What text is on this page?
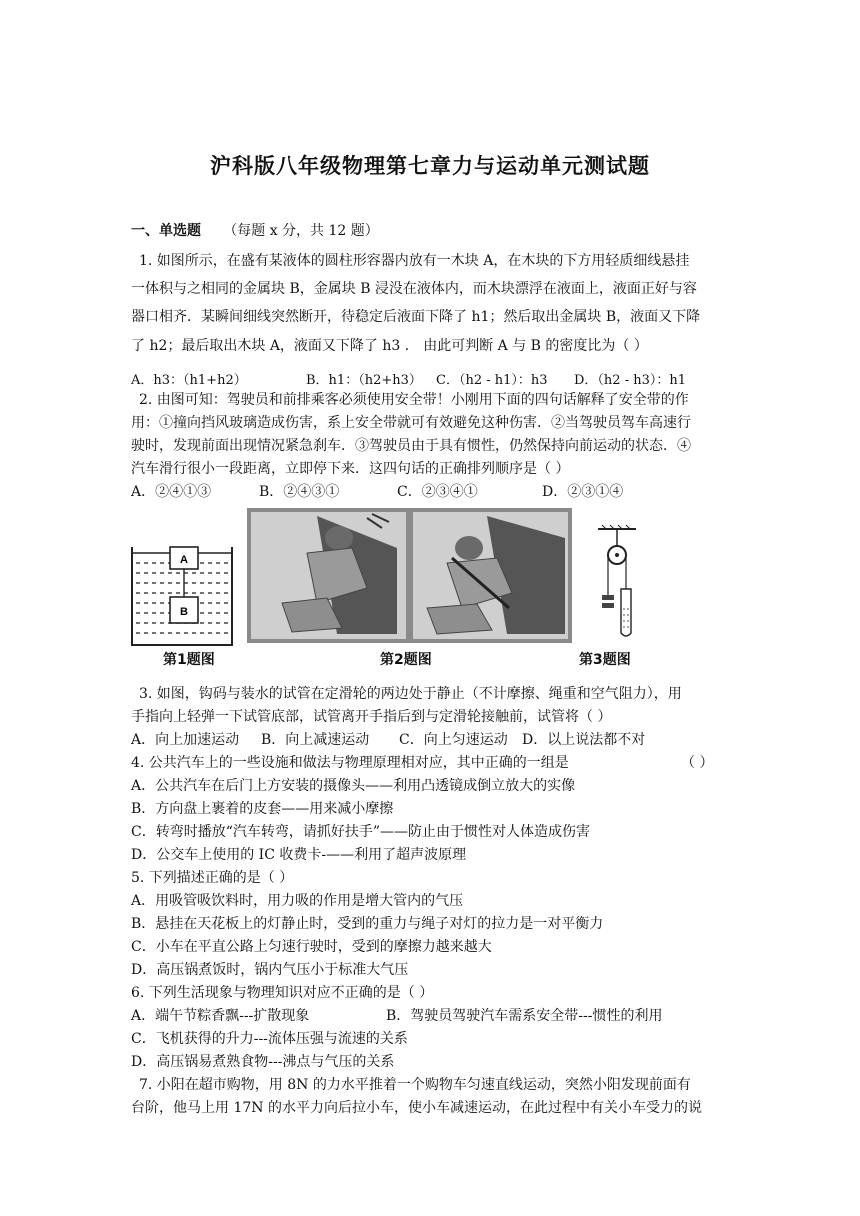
沪科版八年级物理第七章力与运动单元测试题
一、单选题 （每题 x 分，共 12 题）
1. 如图所示，在盛有某液体的圆柱形容器内放有一木块 A，在木块的下方用轻质细线悬挂
一体积与之相同的金属块 B，金属块 B 浸没在液体内，而木块漂浮在液面上，液面正好与容
器口相齐．某瞬间细线突然断开，待稳定后液面下降了 h1；然后取出金属块 B，液面又下降
了 h2；最后取出木块 A，液面又下降了 h3 ． 由此可判断 A 与 B 的密度比为（ ）
A．h3：（h1+h2）	B．h1：（h2+h3）	C．（h2 - h1）：h3	D．（h2 - h3）：h1
2. 由图可知：驾驶员和前排乘客必须使用安全带！小刚用下面的四句话解释了安全带的作
用：①撞向挡风玻璃造成伤害，系上安全带就可有效避免这种伤害．②当驾驶员驾车高速行
驶时，发现前面出现情况紧急刹车．③驾驶员由于具有惯性，仍然保持向前运动的状态．④
汽车滑行很小一段距离，立即停下来．这四句话的正确排列顺序是（ ）
A．②④①③	B．②④③①	C．②③④①	D．②③①④
A
B
第1题图	第2题图	第3题图
3. 如图，钩码与装水的试管在定滑轮的两边处于静止（不计摩擦、绳重和空气阻力），用
手指向上轻弹一下试管底部，试管离开手指后到与定滑轮接触前，试管将（ ）
A．向上加速运动	B．向上减速运动	C．向上匀速运动	D．以上说法都不对
4. 公共汽车上的一些设施和做法与物理原理相对应，其中正确的一组是	（ ）
A．公共汽车在后门上方安装的摄像头——利用凸透镜成倒立放大的实像
B．方向盘上裹着的皮套——用来减小摩擦
C．转弯时播放“汽车转弯，请抓好扶手”——防止由于惯性对人体造成伤害
D．公交车上使用的 IC 收费卡-——利用了超声波原理
5. 下列描述正确的是（ ）
A．用吸管吸饮料时，用力吸的作用是增大管内的气压
B．悬挂在天花板上的灯静止时，受到的重力与绳子对灯的拉力是一对平衡力
C．小车在平直公路上匀速行驶时，受到的摩擦力越来越大
D．高压锅煮饭时，锅内气压小于标准大气压
6. 下列生活现象与物理知识对应不正确的是（ ）
A．端午节粽香飘---扩散现象	B．驾驶员驾驶汽车需系安全带---惯性的利用
C．飞机获得的升力---流体压强与流速的关系
D．高压锅易煮熟食物---沸点与气压的关系
7. 小阳在超市购物，用 8N 的力水平推着一个购物车匀速直线运动，突然小阳发现前面有
台阶，他马上用 17N 的水平力向后拉小车，使小车减速运动，在此过程中有关小车受力的说
